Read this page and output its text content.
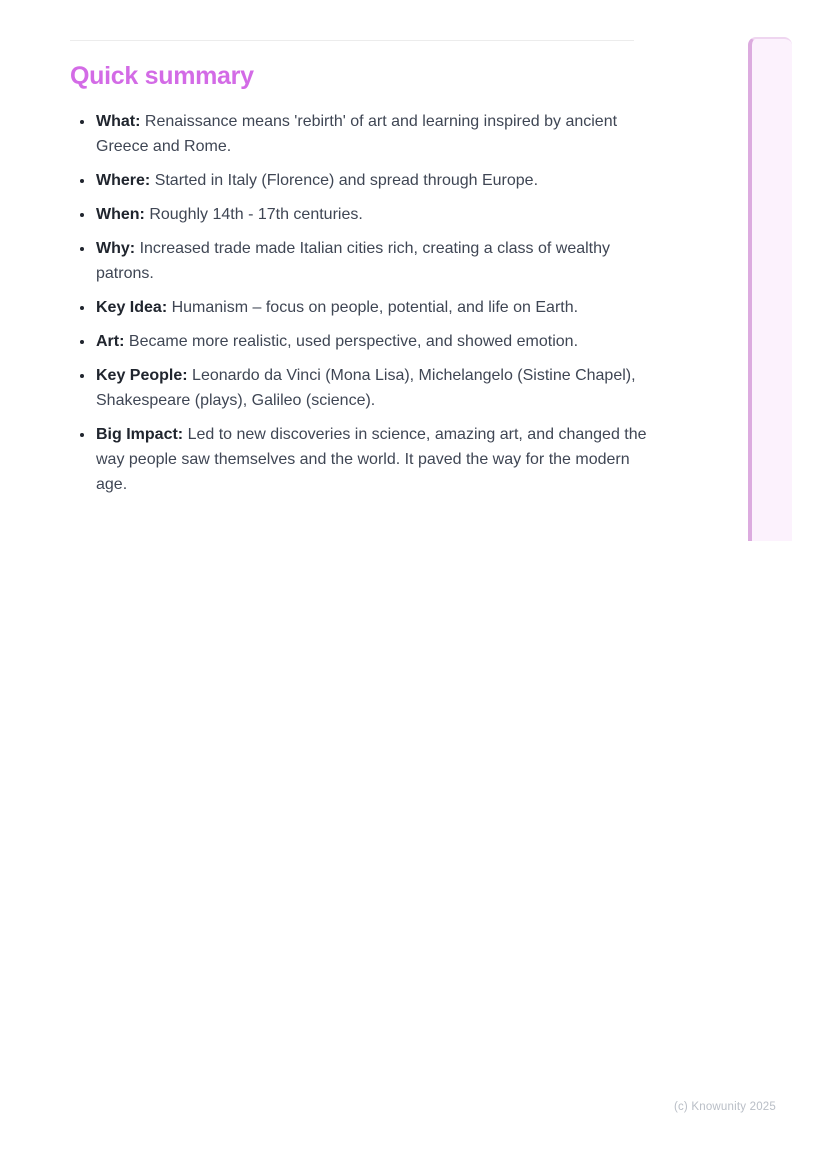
Quick summary
• What: Renaissance means 'rebirth' of art and learning inspired by ancient Greece and Rome.
• Where: Started in Italy (Florence) and spread through Europe.
• When: Roughly 14th - 17th centuries.
• Why: Increased trade made Italian cities rich, creating a class of wealthy patrons.
• Key Idea: Humanism – focus on people, potential, and life on Earth.
• Art: Became more realistic, used perspective, and showed emotion.
• Key People: Leonardo da Vinci (Mona Lisa), Michelangelo (Sistine Chapel), Shakespeare (plays), Galileo (science).
• Big Impact: Led to new discoveries in science, amazing art, and changed the way people saw themselves and the world. It paved the way for the modern age.
(c) Knowunity 2025
